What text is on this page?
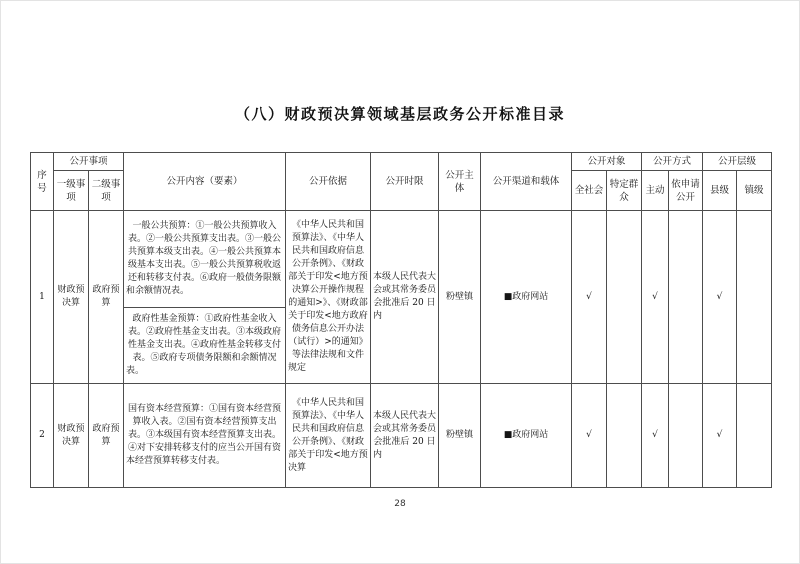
（八）财政预决算领域基层政务公开标准目录
序号	公开事项		公开内容（要素）	公开依据	公开时限	公开主体	公开渠道和载体	公开对象		公开方式		公开层级	
	一级事项	二级事项						全社会	特定群众	主动	依申请公开	县级	镇级
1	财政预决算	政府预算	一般公共预算：①一般公共预算收入表。②一般公共预算支出表。③一般公共预算本级支出表。④一般公共预算本级基本支出表。⑤一般公共预算税收返还和转移支付表。⑥政府一般债务限额和余额情况表。	《中华人民共和国预算法》、《中华人民共和国政府信息公开条例》、《财政部关于印发<地方预决算公开操作规程的通知>》、《财政部关于印发<地方政府债务信息公开办法（试行）>的通知》等法律法规和文件规定	本级人民代表大会或其常务委员会批准后 20 日内	粉壁镇	■政府网站	√		√		√	
			政府性基金预算：①政府性基金收入表。②政府性基金支出表。③本级政府性基金支出表。④政府性基金转移支付表。⑤政府专项债务限额和余额情况表。										
2	财政预决算	政府预算	国有资本经营预算：①国有资本经营预算收入表。②国有资本经营预算支出表。③本级国有资本经营预算支出表。④对下安排转移支付的应当公开国有资本经营预算转移支付表。	《中华人民共和国预算法》、《中华人民共和国政府信息公开条例》、《财政部关于印发<地方预决算	本级人民代表大会或其常务委员会批准后 20 日内	粉壁镇	■政府网站	√		√		√	
28
